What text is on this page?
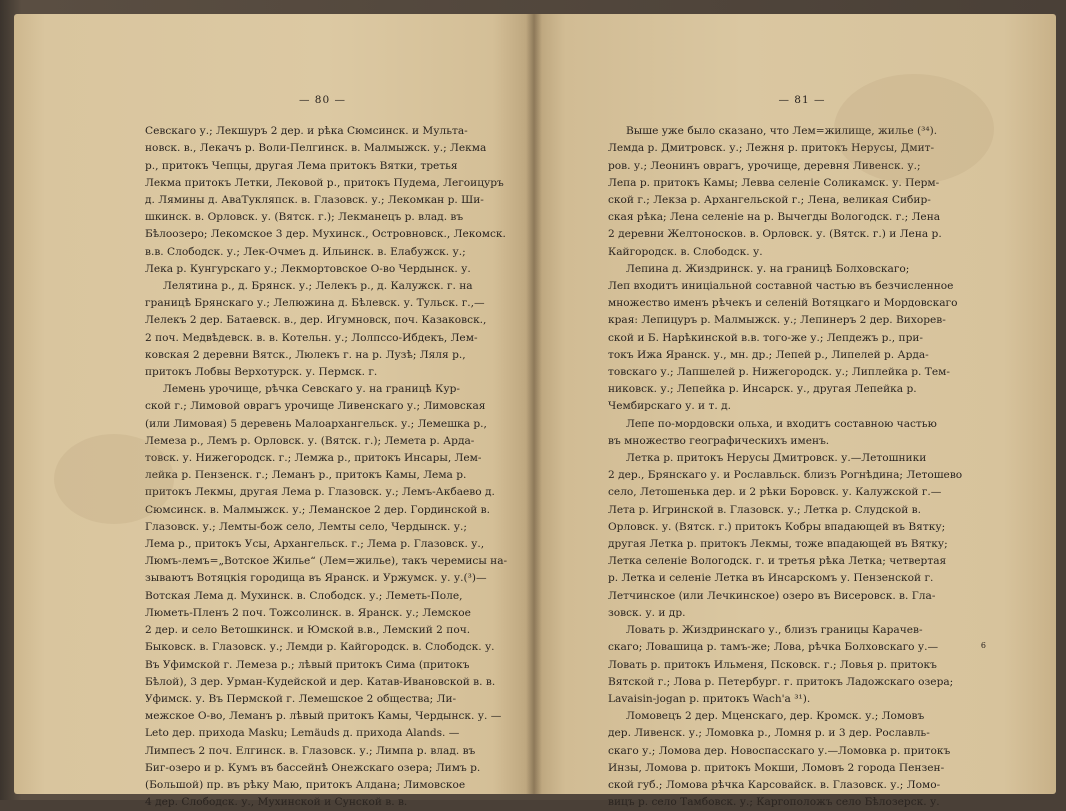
— 80 —
Севскаго у.; Лекшуръ 2 дер. и рѣка Сюмсинск. и Мульта-
новск. в., Лекачъ р. Воли-Пелгинск. в. Малмыжск. у.; Лекма
р., притокъ Чепцы, другая Лема притокъ Вятки, третья
Лекма притокъ Летки, Лековой р., притокъ Пудема, Легоицуръ
д. Лямины д. АваТукляпск. в. Глазовск. у.; Лекомкан р. Ши-
шкинск. в. Орловск. у. (Вятск. г.); Лекманецъ р. влад. въ
Бѣлоозеро; Лекомское 3 дер. Мухинск., Островновск., Лекомск.
в.в. Слободск. у.; Лек-Очмеъ д. Ильинск. в. Елабужск. у.;
Лека р. Кунгурскаго у.; Лекмортовское О-во Чердынск. у.
Лелятина р., д. Брянск. у.; Лелекъ р., д. Калужск. г. на
границѣ Брянскаго у.; Лелюжина д. Бѣлевск. у. Тульск. г.,—
Лелекъ 2 дер. Батаевск. в., дер. Игумновск, поч. Казаковск.,
2 поч. Медвѣдевск. в. в. Котельн. у.; Лолпссо-Ибдекъ, Лем-
ковская 2 деревни Вятск., Люлекъ г. на р. Лузѣ; Ляля р.,
притокъ Лобвы Верхотурск. у. Пермск. г.
Лемень урочище, рѣчка Севскаго у. на границѣ Кур-
ской г.; Лимовой оврагъ урочище Ливенскаго у.; Лимовская
(или Лимовая) 5 деревень Малоархангельск. у.; Лемешка р.,
Лемеза р., Лемъ р. Орловск. у. (Вятск. г.); Лемета р. Арда-
товск. у. Нижегородск. г.; Лемжа р., притокъ Инсары, Лем-
лейка р. Пензенск. г.; Леманъ р., притокъ Камы, Лема р.
притокъ Лекмы, другая Лема р. Глазовск. у.; Лемъ-Акбаево д.
Сюмсинск. в. Малмыжск. у.; Леманское 2 дер. Гординской в.
Глазовск. у.; Лемты-бож село, Лемты село, Чердынск. у.;
Лема р., притокъ Усы, Архангельск. г.; Лема р. Глазовск. у.,
Люмъ-лемъ=„Вотское Жилье“ (Лем=жилье), такъ черемисы на-
зываютъ Вотяцкія городища въ Яранск. и Уржумск. у. у.(³)—
Вотская Лема д. Мухинск. в. Слободск. у.; Леметь-Поле,
Люметь-Пленъ 2 поч. Тожсолинск. в. Яранск. у.; Лемское
2 дер. и село Ветошкинск. и Юмской в.в., Лемский 2 поч.
Быковск. в. Глазовск. у.; Лемди р. Кайгородск. в. Слободск. у.
Въ Уфимской г. Лемеза р.; лѣвый притокъ Сима (притокъ
Бѣлой), 3 дер. Урман-Кудейской и дер. Катав-Ивановской в. в.
Уфимск. у. Въ Пермской г. Лемешское 2 общества; Ли-
межское О-во, Леманъ р. лѣвый притокъ Камы, Чердынск. у. —
Leto дер. прихода Masku; Lemäuds д. прихода Alands. —
Лимпесъ 2 поч. Елгинск. в. Глазовск. у.; Лимпа р. влад. въ
Биг-озеро и р. Кумъ въ бассейнѣ Онежскаго озера; Лимъ р.
(Большой) пр. въ рѣку Маю, притокъ Алдана; Лимовское
4 дер. Слободск. у., Мухинской и Сунской в. в.
— 81 —
Выше уже было сказано, что Лем=жилище, жилье (³⁴).
Лемда р. Дмитровск. у.; Лежня р. притокъ Нерусы, Дмит-
ров. у.; Леонинъ оврагъ, урочище, деревня Ливенск. у.;
Лепа р. притокъ Камы; Левва селеніе Соликамск. у. Перм-
ской г.; Лекза р. Архангельской г.; Лена, великая Сибир-
ская рѣка; Лена селеніе на р. Вычегды Вологодск. г.; Лена
2 деревни Желтоносков. в. Орловск. у. (Вятск. г.) и Лена р.
Кайгородск. в. Слободск. у.
Лепина д. Жиздринск. у. на границѣ Болховскаго;
Леп входитъ иниціальной составной частью въ безчисленное
множество именъ рѣчекъ и селеній Вотяцкаго и Мордовскаго
края: Лепицуръ р. Малмыжск. у.; Лепинеръ 2 дер. Вихорев-
ской и Б. Нарѣкинской в.в. того-же у.; Лепдежъ р., при-
токъ Ижа Яранск. у., мн. др.; Лепей р., Липелей р. Ардa-
товскаго у.; Лапшелей р. Нижегородск. у.; Липлейка р. Тем-
никовск. у.; Лепейка р. Инсарск. у., другая Лепейка р.
Чембирскаго у. и т. д.
Лепе по-мордовски ольха, и входитъ составною частью
въ множество географическихъ именъ.
Летка р. притокъ Нерусы Дмитровск. у.—Летошники
2 дер., Брянскаго у. и Рославльск. близъ Рогнѣдина; Летошево
село, Летошенька дер. и 2 рѣки Боровск. у. Калужской г.—
Лета р. Игринской в. Глазовск. у.; Летка р. Слудской в.
Орловск. у. (Вятск. г.) притокъ Кобры впадающей въ Вятку;
другая Летка р. притокъ Лекмы, тоже впадающей въ Вятку;
Летка селеніе Вологодск. г. и третья рѣка Летка; четвертая
р. Летка и селеніе Летка въ Инсарскомъ у. Пензенской г.
Летчинское (или Лечкинское) озеро въ Висеровск. в. Гла-
зовск. у. и др.
Ловать р. Жиздринскаго у., близъ границы Карачев-
скаго; Ловашица р. тамъ-же; Лова, рѣчка Болховскаго у.—
Ловать р. притокъ Ильменя, Псковск. г.; Ловья р. притокъ
Вятской г.; Лова р. Петербург. г. притокъ Ладожскаго озера;
Lavaisin-jogan р. притокъ Wach'a ³¹).
Ломовецъ 2 дер. Мценскаго, дер. Кромск. у.; Ломовъ
дер. Ливенск. у.; Ломовка р., Ломня р. и 3 дер. Рославль-
скаго у.; Ломова дер. Новоспасскаго у.—Ломовка р. притокъ
Инзы, Ломова р. притокъ Мокши, Ломовъ 2 города Пензен-
ской губ.; Ломова рѣчка Карсовайск. в. Глазовск. у.; Ломо-
вицъ р. село Тамбовск. у.; Каргоположъ село Бѣлозерск. у.
6
